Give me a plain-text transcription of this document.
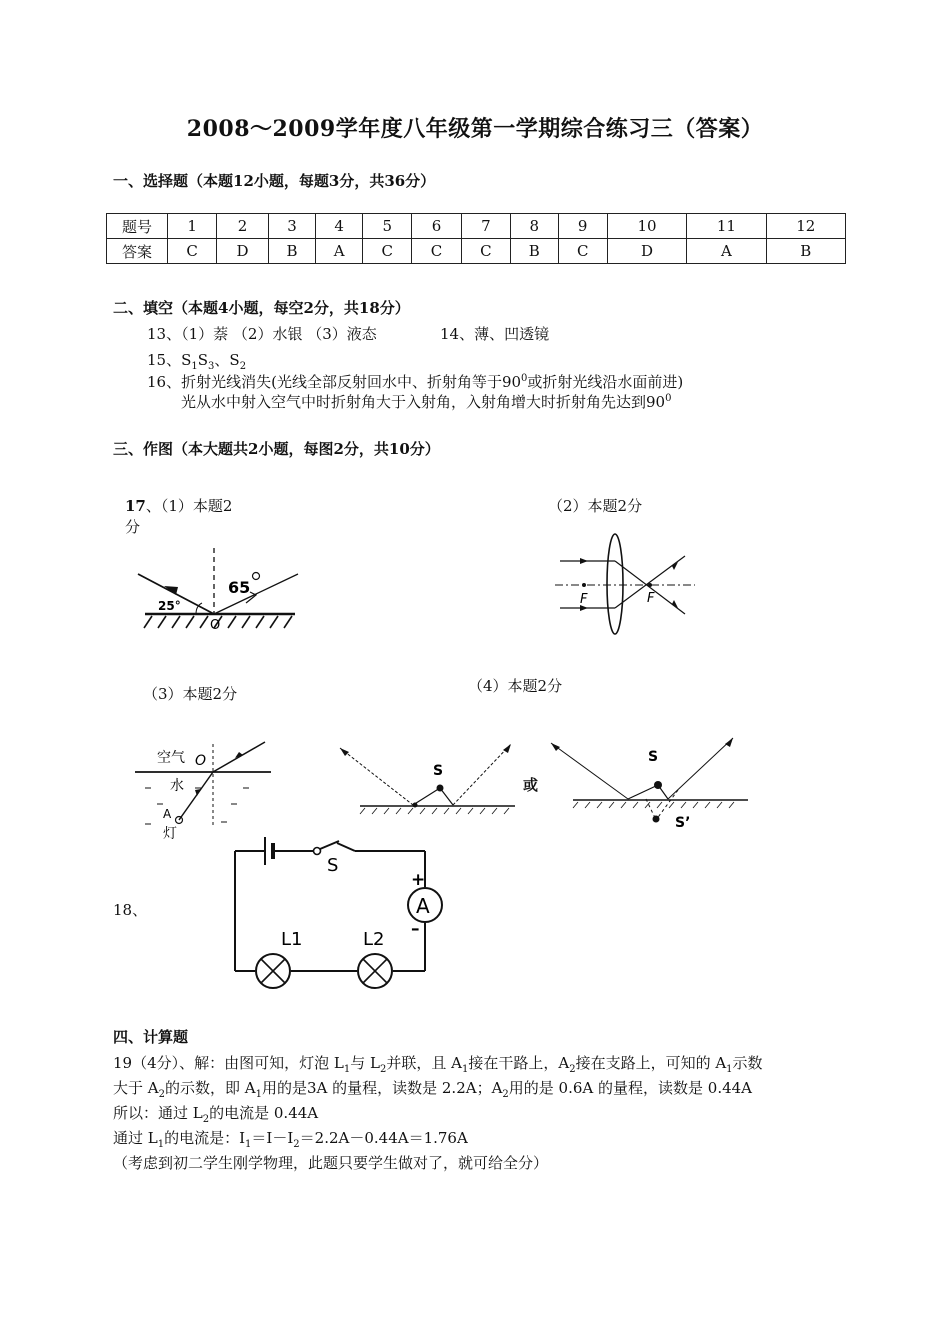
2008～2009学年度八年级第一学期综合练习三（答案）
一、选择题（本题12小题，每题3分，共36分）
题号	1	2	3	4	5	6	7	8	9	10	11	12
答案	C	D	B	A	C	C	C	B	C	D	A	B
二、填空（本题4小题，每空2分，共18分）
13、（1）萘 （2）水银 （3）液态	14、薄、凹透镜
15、$S_1S_3$、$S_2$
16、折射光线消失(光线全部反射回水中、折射角等于$90^0$或折射光线沿水面前进)
光从水中射入空气中时折射角大于入射角，入射角增大时折射角先达到$90^0$
三、作图（本大题共2小题，每图2分，共10分）
17、（1）本题2
分
（2）本题2分
（3）本题2分	（4）本题2分
65
25°
O
F	F
空气 O
水
A
灯
S
或
S
S’
18、
S
A
+
–
L1	L2
四、计算题
19（4分）、解：由图可知，灯泡 $L_1$与 $L_2$并联，且 $A_1$接在干路上，$A_2$接在支路上，可知的 $A_1$示数
大于 $A_2$的示数，即 $A_1$用的是3A 的量程，读数是 2.2A；$A_2$用的是 0.6A 的量程，读数是 0.44A
所以：通过 $L_2$的电流是 0.44A
通过 $L_1$的电流是：$I_1=I-I_2=2.2A-0.44A=1.76A$
（考虑到初二学生刚学物理，此题只要学生做对了，就可给全分）
